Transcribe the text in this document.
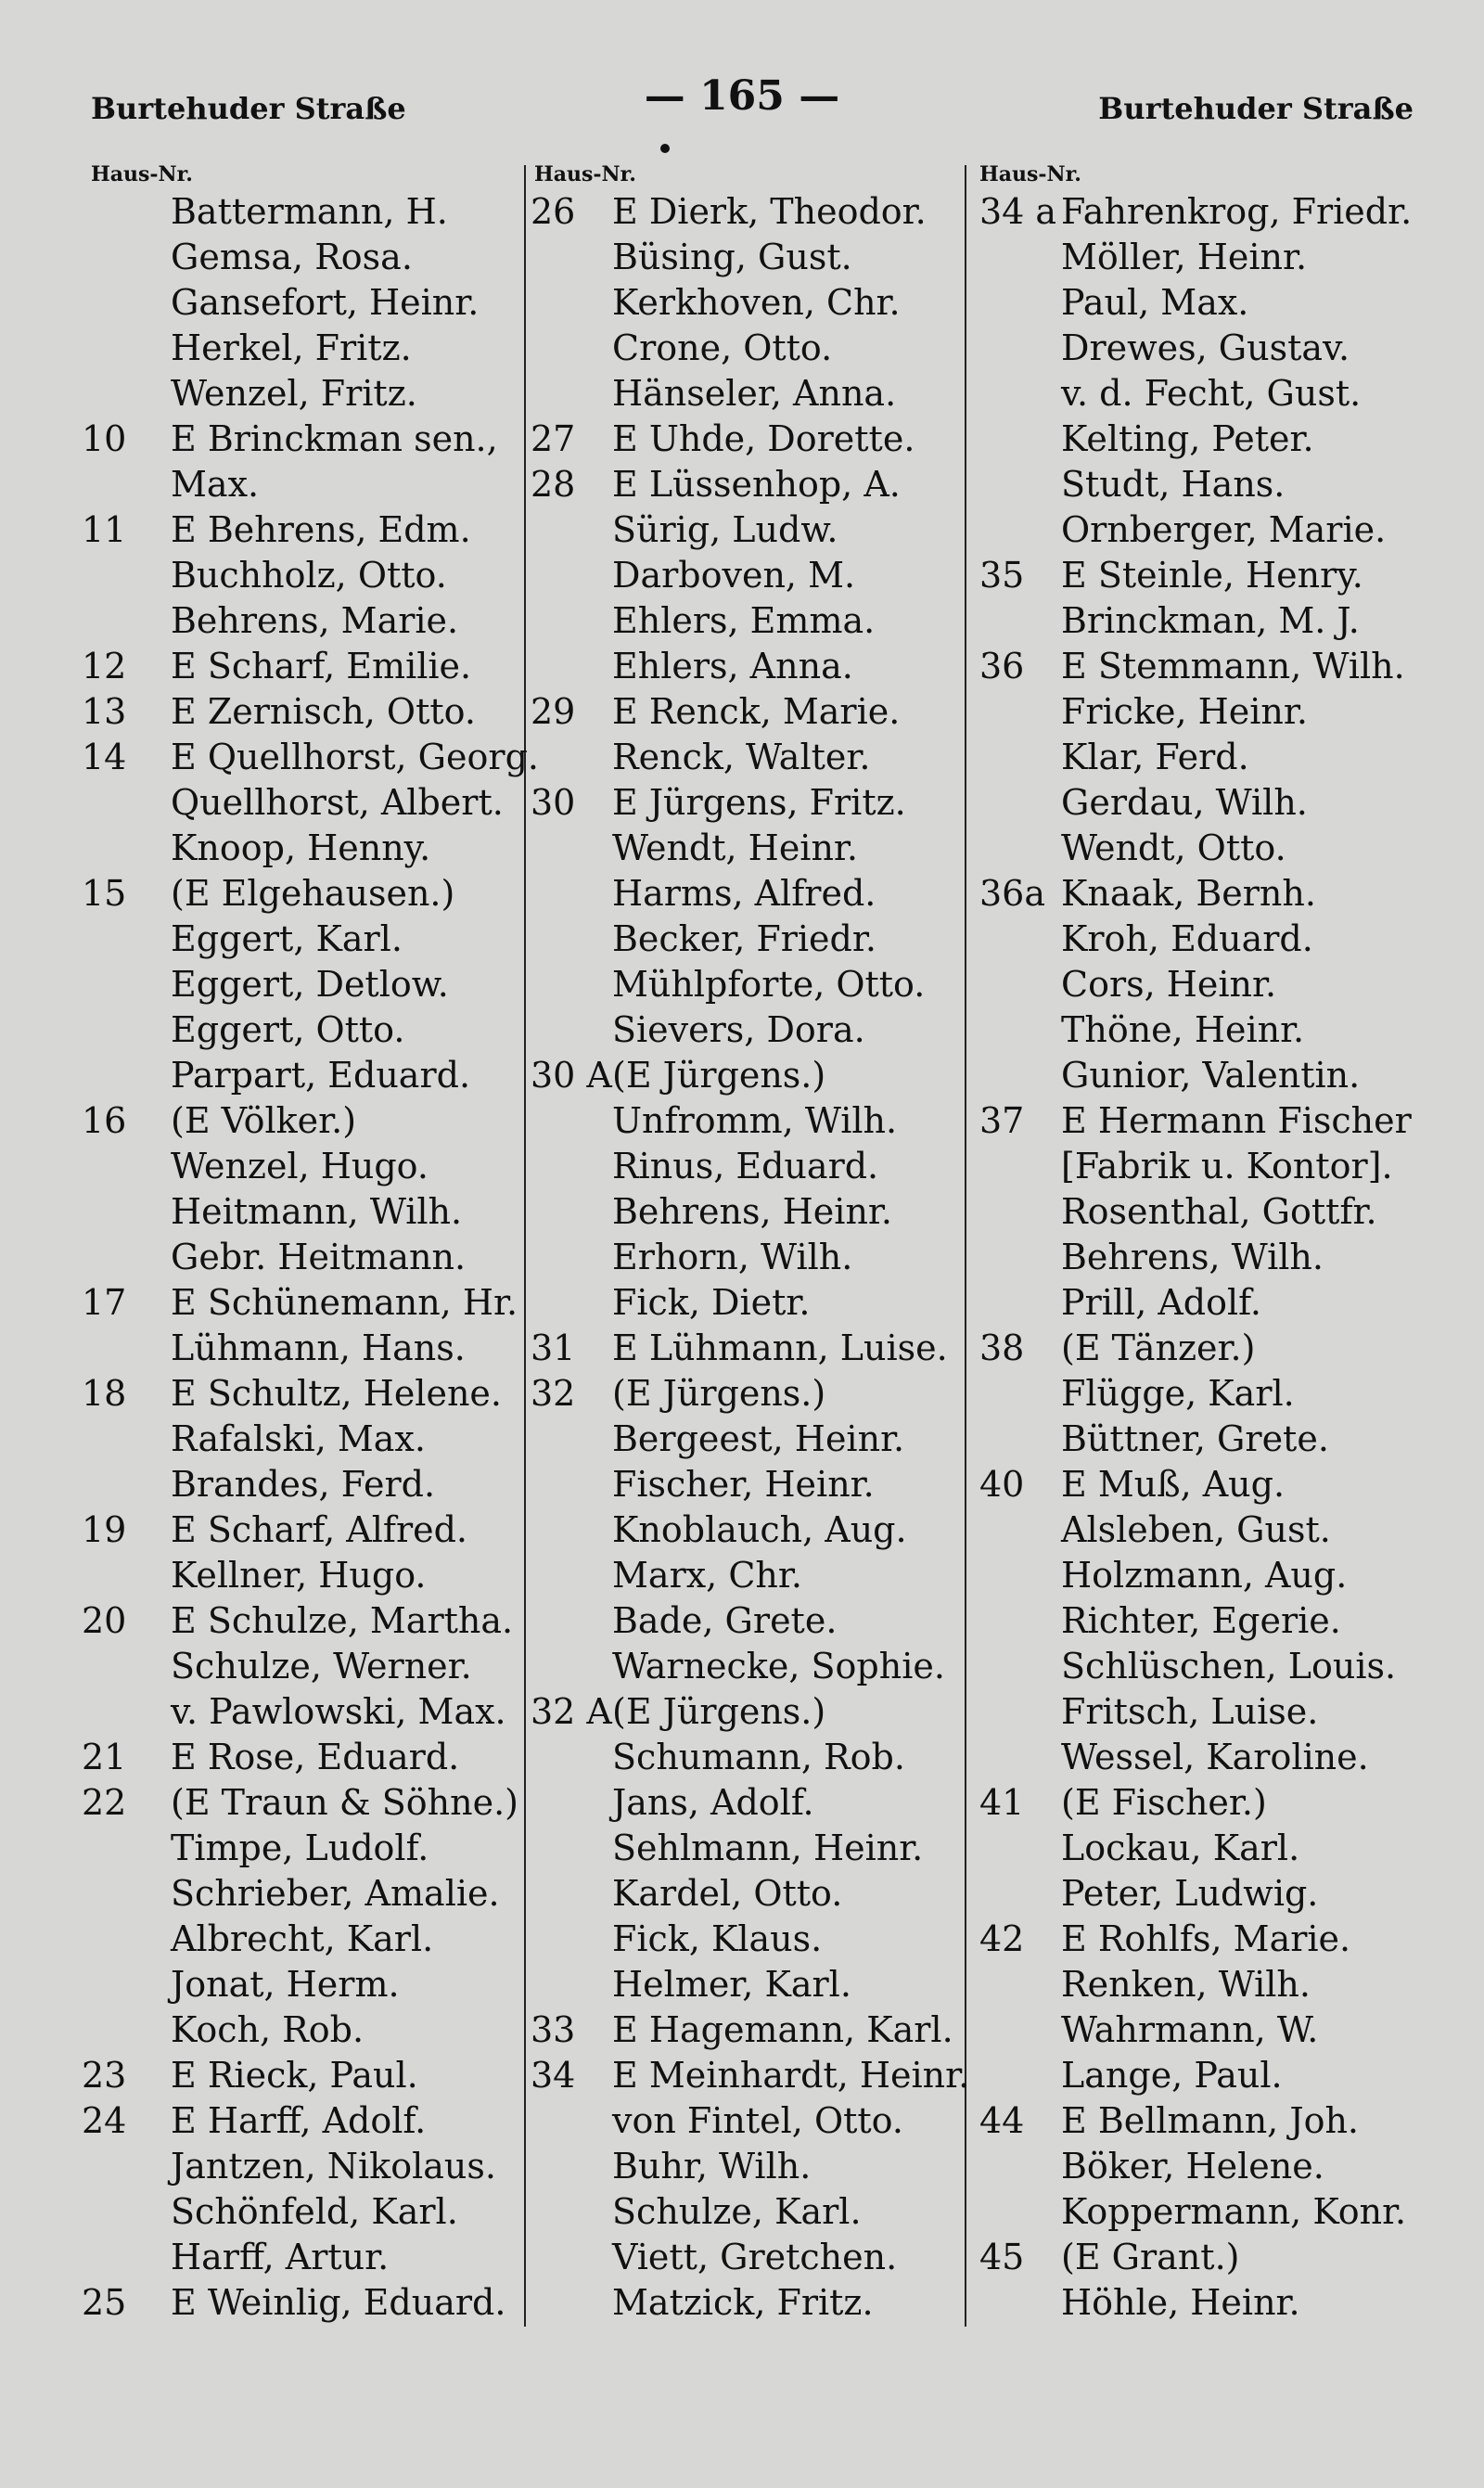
Burtehuder Straße	— 165 —	Burtehuder Straße
Haus-Nr.
Battermann, H.
Gemsa, Rosa.
Gansefort, Heinr.
Herkel, Fritz.
Wenzel, Fritz.
10	E Brinckman sen.,
Max.
11	E Behrens, Edm.
Buchholz, Otto.
Behrens, Marie.
12	E Scharf, Emilie.
13	E Zernisch, Otto.
14	E Quellhorst, Georg.
Quellhorst, Albert.
Knoop, Henny.
15	(E Elgehausen.)
Eggert, Karl.
Eggert, Detlow.
Eggert, Otto.
Parpart, Eduard.
16	(E Völker.)
Wenzel, Hugo.
Heitmann, Wilh.
Gebr. Heitmann.
17	E Schünemann, Hr.
Lühmann, Hans.
18	E Schultz, Helene.
Rafalski, Max.
Brandes, Ferd.
19	E Scharf, Alfred.
Kellner, Hugo.
20	E Schulze, Martha.
Schulze, Werner.
v. Pawlowski, Max.
21	E Rose, Eduard.
22	(E Traun & Söhne.)
Timpe, Ludolf.
Schrieber, Amalie.
Albrecht, Karl.
Jonat, Herm.
Koch, Rob.
23	E Rieck, Paul.
24	E Harff, Adolf.
Jantzen, Nikolaus.
Schönfeld, Karl.
Harff, Artur.
25	E Weinlig, Eduard.
Haus-Nr.
26	E Dierk, Theodor.
Büsing, Gust.
Kerkhoven, Chr.
Crone, Otto.
Hänseler, Anna.
27	E Uhde, Dorette.
28	E Lüssenhop, A.
Sürig, Ludw.
Darboven, M.
Ehlers, Emma.
Ehlers, Anna.
29	E Renck, Marie.
Renck, Walter.
30	E Jürgens, Fritz.
Wendt, Heinr.
Harms, Alfred.
Becker, Friedr.
Mühlpforte, Otto.
Sievers, Dora.
30 A (E Jürgens.)
Unfromm, Wilh.
Rinus, Eduard.
Behrens, Heinr.
Erhorn, Wilh.
Fick, Dietr.
31	E Lühmann, Luise.
32	(E Jürgens.)
Bergeest, Heinr.
Fischer, Heinr.
Knoblauch, Aug.
Marx, Chr.
Bade, Grete.
Warnecke, Sophie.
32 A (E Jürgens.)
Schumann, Rob.
Jans, Adolf.
Sehlmann, Heinr.
Kardel, Otto.
Fick, Klaus.
Helmer, Karl.
33	E Hagemann, Karl.
34	E Meinhardt, Heinr.
von Fintel, Otto.
Buhr, Wilh.
Schulze, Karl.
Viett, Gretchen.
Matzick, Fritz.
Haus-Nr.
34 a Fahrenkrog, Friedr.
Möller, Heinr.
Paul, Max.
Drewes, Gustav.
v. d. Fecht, Gust.
Kelting, Peter.
Studt, Hans.
Ornberger, Marie.
35	E Steinle, Henry.
Brinckman, M. J.
36	E Stemmann, Wilh.
Fricke, Heinr.
Klar, Ferd.
Gerdau, Wilh.
Wendt, Otto.
36a Knaak, Bernh.
Kroh, Eduard.
Cors, Heinr.
Thöne, Heinr.
Gunior, Valentin.
37	E Hermann Fischer
[Fabrik u. Kontor].
Rosenthal, Gottfr.
Behrens, Wilh.
Prill, Adolf.
38	(E Tänzer.)
Flügge, Karl.
Büttner, Grete.
40	E Muß, Aug.
Alsleben, Gust.
Holzmann, Aug.
Richter, Egerie.
Schlüschen, Louis.
Fritsch, Luise.
Wessel, Karoline.
41	(E Fischer.)
Lockau, Karl.
Peter, Ludwig.
42	E Rohlfs, Marie.
Renken, Wilh.
Wahrmann, W.
Lange, Paul.
44	E Bellmann, Joh.
Böker, Helene.
Koppermann, Konr.
45	(E Grant.)
Höhle, Heinr.
